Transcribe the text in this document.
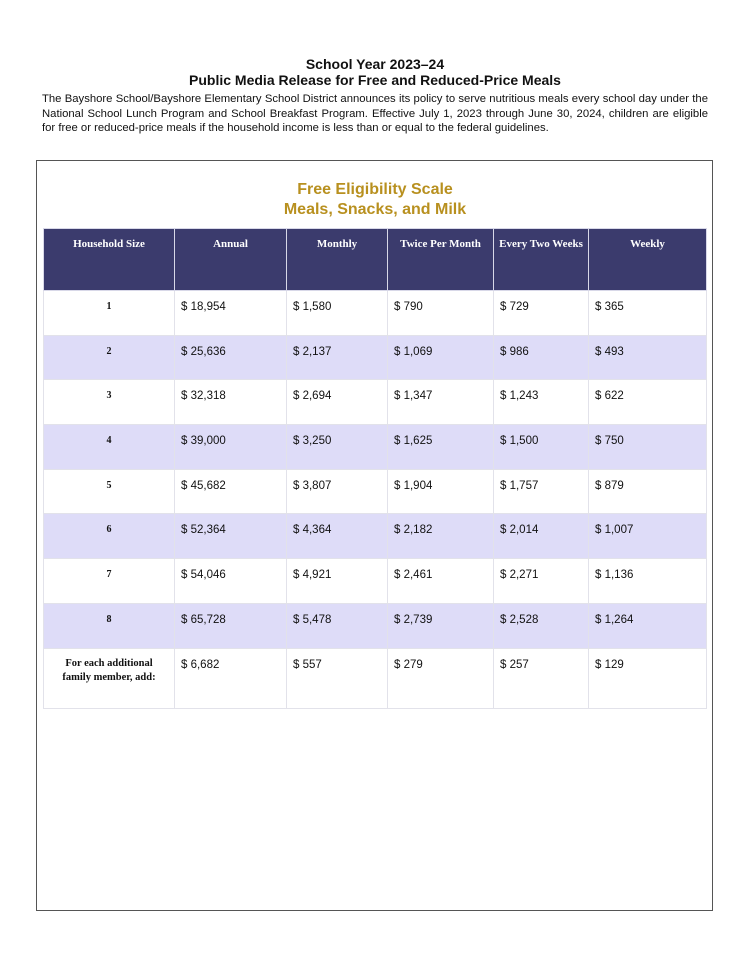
School Year 2023–24
Public Media Release for Free and Reduced-Price Meals
The Bayshore School/Bayshore Elementary School District announces its policy to serve nutritious meals every school day under the National School Lunch Program and School Breakfast Program. Effective July 1, 2023 through June 30, 2024, children are eligible for free or reduced-price meals if the household income is less than or equal to the federal guidelines.
Free Eligibility Scale
Meals, Snacks, and Milk
Household Size	Annual	Monthly	Twice Per Month	Every Two Weeks	Weekly
1	$ 18,954	$ 1,580	$ 790	$ 729	$ 365
2	$ 25,636	$ 2,137	$ 1,069	$ 986	$ 493
3	$ 32,318	$ 2,694	$ 1,347	$ 1,243	$ 622
4	$ 39,000	$ 3,250	$ 1,625	$ 1,500	$ 750
5	$ 45,682	$ 3,807	$ 1,904	$ 1,757	$ 879
6	$ 52,364	$ 4,364	$ 2,182	$ 2,014	$ 1,007
7	$ 54,046	$ 4,921	$ 2,461	$ 2,271	$ 1,136
8	$ 65,728	$ 5,478	$ 2,739	$ 2,528	$ 1,264
For each additional family member, add:	$ 6,682	$ 557	$ 279	$ 257	$ 129
